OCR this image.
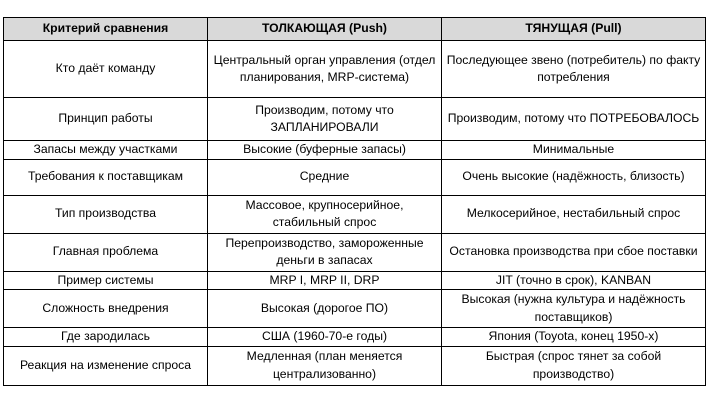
Критерий сравнения	ТОЛКАЮЩАЯ (Push)	ТЯНУЩАЯ (Pull)
Кто даёт команду	Центральный орган управления (отдел планирования, MRP-система)	Последующее звено (потребитель) по факту потребления
Принцип работы	Производим, потому что ЗАПЛАНИРОВАЛИ	Производим, потому что ПОТРЕБОВАЛОСЬ
Запасы между участками	Высокие (буферные запасы)	Минимальные
Требования к поставщикам	Средние	Очень высокие (надёжность, близость)
Тип производства	Массовое, крупносерийное, стабильный спрос	Мелкосерийное, нестабильный спрос
Главная проблема	Перепроизводство, замороженные деньги в запасах	Остановка производства при сбое поставки
Пример системы	MRP I, MRP II, DRP	JIT (точно в срок), KANBAN
Сложность внедрения	Высокая (дорогое ПО)	Высокая (нужна культура и надёжность поставщиков)
Где зародилась	США (1960-70-е годы)	Япония (Toyota, конец 1950-х)
Реакция на изменение спроса	Медленная (план меняется централизованно)	Быстрая (спрос тянет за собой производство)
